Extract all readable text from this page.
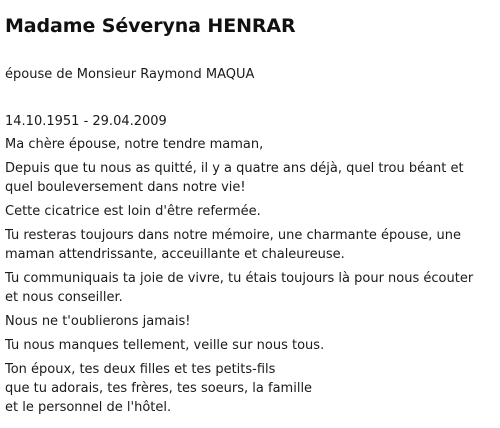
Madame Séveryna HENRAR

épouse de Monsieur Raymond MAQUA

14.10.1951 - 29.04.2009

Ma chère épouse, notre tendre maman,

Depuis que tu nous as quitté, il y a quatre ans déjà, quel trou béant et
quel bouleversement dans notre vie!

Cette cicatrice est loin d'être refermée.

Tu resteras toujours dans notre mémoire, une charmante épouse, une
maman attendrissante, acceuillante et chaleureuse.

Tu communiquais ta joie de vivre, tu étais toujours là pour nous écouter
et nous conseiller.

Nous ne t'oublierons jamais!

Tu nous manques tellement, veille sur nous tous.

Ton époux, tes deux filles et tes petits-fils
que tu adorais, tes frères, tes soeurs, la famille
et le personnel de l'hôtel.
